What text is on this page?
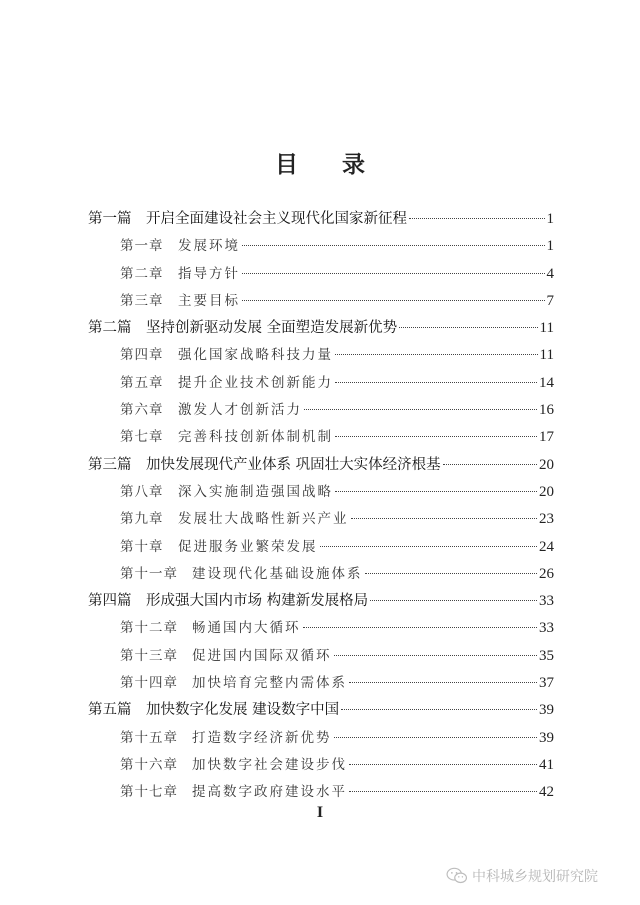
目 录
第一篇	开启全面建设社会主义现代化国家新征程	1
第一章	发展环境	1
第二章	指导方针	4
第三章	主要目标	7
第二篇	坚持创新驱动发展 全面塑造发展新优势	11
第四章	强化国家战略科技力量	11
第五章	提升企业技术创新能力	14
第六章	激发人才创新活力	16
第七章	完善科技创新体制机制	17
第三篇	加快发展现代产业体系 巩固壮大实体经济根基	20
第八章	深入实施制造强国战略	20
第九章	发展壮大战略性新兴产业	23
第十章	促进服务业繁荣发展	24
第十一章	建设现代化基础设施体系	26
第四篇	形成强大国内市场 构建新发展格局	33
第十二章	畅通国内大循环	33
第十三章	促进国内国际双循环	35
第十四章	加快培育完整内需体系	37
第五篇	加快数字化发展 建设数字中国	39
第十五章	打造数字经济新优势	39
第十六章	加快数字社会建设步伐	41
第十七章	提高数字政府建设水平	42
I
中科城乡规划研究院
